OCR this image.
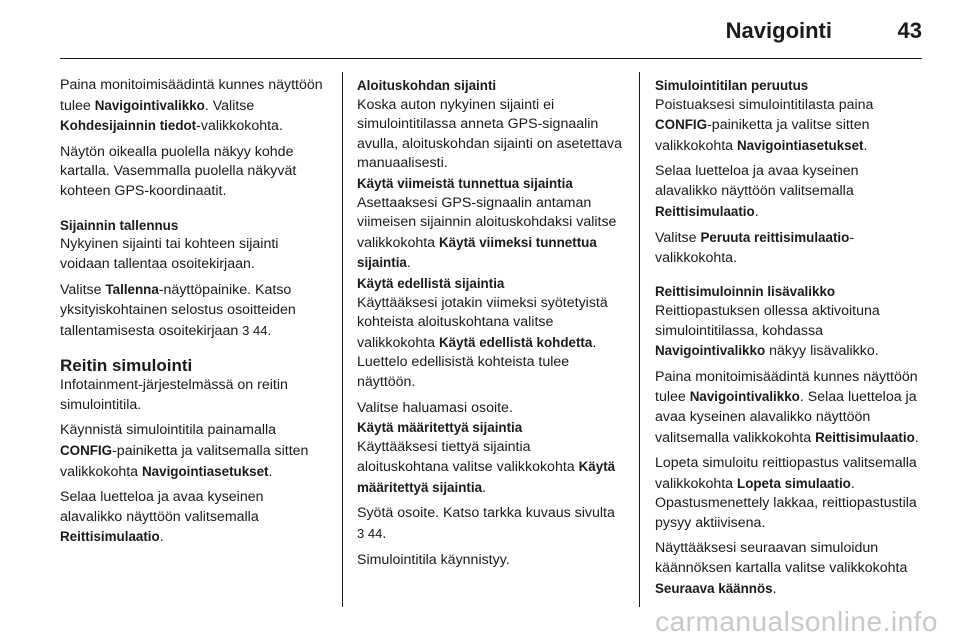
Navigointi	43

Paina monitoimisäädintä kunnes näyttöön tulee Navigointivalikko. Valitse Kohdesijainnin tiedot-valikkokohta.

Näytön oikealla puolella näkyy kohde kartalla. Vasemmalla puolella näkyvät kohteen GPS-koordinaatit.

Sijainnin tallennus

Nykyinen sijainti tai kohteen sijainti voidaan tallentaa osoitekirjaan.

Valitse Tallenna-näyttöpainike. Katso yksityiskohtainen selostus osoitteiden tallentamisesta osoitekirjaan 3 44.

Reitin simulointi

Infotainment-järjestelmässä on reitin simulointitila.

Käynnistä simulointitila painamalla CONFIG-painiketta ja valitsemalla sitten valikkokohta Navigointiasetukset.

Selaa luetteloa ja avaa kyseinen alavalikko näyttöön valitsemalla Reittisimulaatio.

Aloituskohdan sijainti

Koska auton nykyinen sijainti ei simulointitilassa anneta GPS-signaalin avulla, aloituskohdan sijainti on asetettava manuaalisesti.

Käytä viimeistä tunnettua sijaintia

Asettaaksesi GPS-signaalin antaman viimeisen sijainnin aloituskohdaksi valitse valikkokohta Käytä viimeksi tunnettua sijaintia.

Käytä edellistä sijaintia

Käyttääksesi jotakin viimeksi syötetyistä kohteista aloituskohtana valitse valikkokohta Käytä edellistä kohdetta. Luettelo edellisistä kohteista tulee näyttöön.

Valitse haluamasi osoite.

Käytä määritettyä sijaintia

Käyttääksesi tiettyä sijaintia aloituskohtana valitse valikkokohta Käytä määritettyä sijaintia.

Syötä osoite. Katso tarkka kuvaus sivulta 3 44.

Simulointitila käynnistyy.

Simulointitilan peruutus

Poistuaksesi simulointitilasta paina CONFIG-painiketta ja valitse sitten valikkokohta Navigointiasetukset.

Selaa luetteloa ja avaa kyseinen alavalikko näyttöön valitsemalla Reittisimulaatio.

Valitse Peruuta reittisimulaatio-valikkokohta.

Reittisimuloinnin lisävalikko

Reittiopastuksen ollessa aktivoituna simulointitilassa, kohdassa Navigointivalikko näkyy lisävalikko.

Paina monitoimisäädintä kunnes näyttöön tulee Navigointivalikko. Selaa luetteloa ja avaa kyseinen alavalikko näyttöön valitsemalla valikkokohta Reittisimulaatio.

Lopeta simuloitu reittiopastus valitsemalla valikkokohta Lopeta simulaatio. Opastusmenettely lakkaa, reittiopastustila pysyy aktiivisena.

Näyttääksesi seuraavan simuloidun käännöksen kartalla valitse valikkokohta Seuraava käännös.

carmanualsonline.info
